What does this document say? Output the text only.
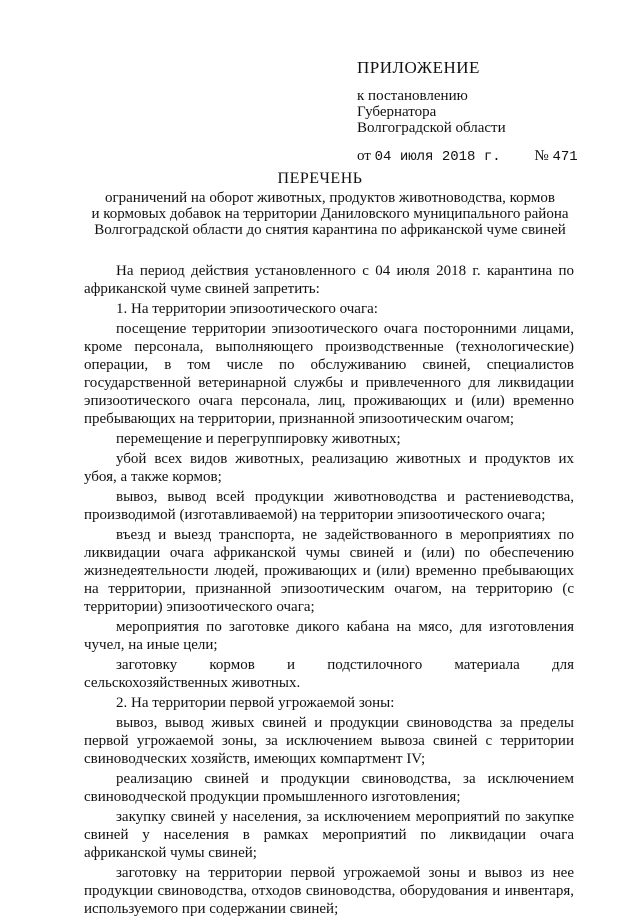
ПРИЛОЖЕНИЕ
к постановлению
Губернатора
Волгоградской области
от 04 июля 2018 г. № 471
ПЕРЕЧЕНЬ
ограничений на оборот животных, продуктов животноводства, кормов
и кормовых добавок на территории Даниловского муниципального района
Волгоградской области до снятия карантина по африканской чуме свиней

На период действия установленного с 04 июля 2018 г. карантина по африканской чуме свиней запретить:

1. На территории эпизоотического очага:

посещение территории эпизоотического очага посторонними лицами, кроме персонала, выполняющего производственные (технологические) операции, в том числе по обслуживанию свиней, специалистов государственной ветеринарной службы и привлеченного для ликвидации эпизоотического очага персонала, лиц, проживающих и (или) временно пребывающих на территории, признанной эпизоотическим очагом;

перемещение и перегруппировку животных;

убой всех видов животных, реализацию животных и продуктов их убоя, а также кормов;

вывоз, вывод всей продукции животноводства и растениеводства, производимой (изготавливаемой) на территории эпизоотического очага;

въезд и выезд транспорта, не задействованного в мероприятиях по ликвидации очага африканской чумы свиней и (или) по обеспечению жизнедеятельности людей, проживающих и (или) временно пребывающих на территории, признанной эпизоотическим очагом, на территорию (с территории) эпизоотического очага;

мероприятия по заготовке дикого кабана на мясо, для изготовления чучел, на иные цели;

заготовку кормов и подстилочного материала для сельскохозяйственных животных.

2. На территории первой угрожаемой зоны:

вывоз, вывод живых свиней и продукции свиноводства за пределы первой угрожаемой зоны, за исключением вывоза свиней с территории свиноводческих хозяйств, имеющих компартмент IV;

реализацию свиней и продукции свиноводства, за исключением свиноводческой продукции промышленного изготовления;

закупку свиней у населения, за исключением мероприятий по закупке свиней у населения в рамках мероприятий по ликвидации очага африканской чумы свиней;

заготовку на территории первой угрожаемой зоны и вывоз из нее продукции свиноводства, отходов свиноводства, оборудования и инвентаря, используемого при содержании свиней;
